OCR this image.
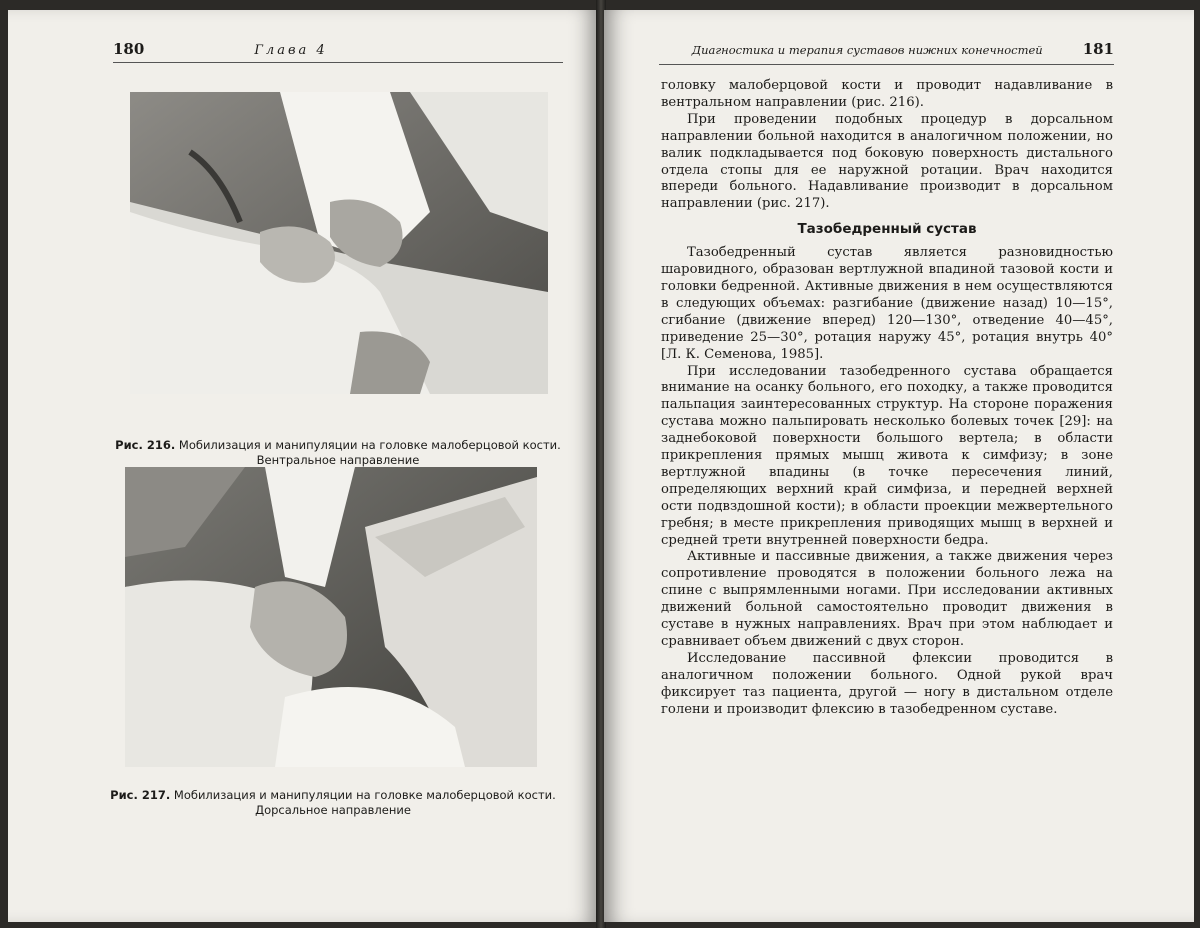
180	Глава 4
Рис. 216. Мобилизация и манипуляции на головке малоберцовой кости. Вентральное направление
Рис. 217. Мобилизация и манипуляции на головке малоберцовой кости. Дорсальное направление
Диагностика и терапия суставов нижних конечностей	181

головку малоберцовой кости и проводит надавливание в вентральном направлении (рис. 216).

При проведении подобных процедур в дорсальном направлении больной находится в аналогичном положении, но валик подкладывается под боковую поверхность дистального отдела стопы для ее наружной ротации. Врач находится впереди больного. Надавливание производит в дорсальном направлении (рис. 217).

Тазобедренный сустав

Тазобедренный сустав является разновидностью шаровидного, образован вертлужной впадиной тазовой кости и головки бедренной. Активные движения в нем осуществляются в следующих объемах: разгибание (движение назад) 10—15°, сгибание (движение вперед) 120—130°, отведение 40—45°, приведение 25—30°, ротация наружу 45°, ротация внутрь 40° [Л. К. Семенова, 1985].

При исследовании тазобедренного сустава обращается внимание на осанку больного, его походку, а также проводится пальпация заинтересованных структур. На стороне поражения сустава можно пальпировать несколько болевых точек [29]: на заднебоковой поверхности большого вертела; в области прикрепления прямых мышц живота к симфизу; в зоне вертлужной впадины (в точке пересечения линий, определяющих верхний край симфиза, и передней верхней ости подвздошной кости); в области проекции межвертельного гребня; в месте прикрепления приводящих мышц в верхней и средней трети внутренней поверхности бедра.

Активные и пассивные движения, а также движения через сопротивление проводятся в положении больного лежа на спине с выпрямленными ногами. При исследовании активных движений больной самостоятельно проводит движения в суставе в нужных направлениях. Врач при этом наблюдает и сравнивает объем движений с двух сторон.

Исследование пассивной флексии проводится в аналогичном положении больного. Одной рукой врач фиксирует таз пациента, другой — ногу в дистальном отделе голени и производит флексию в тазобедренном суставе.
